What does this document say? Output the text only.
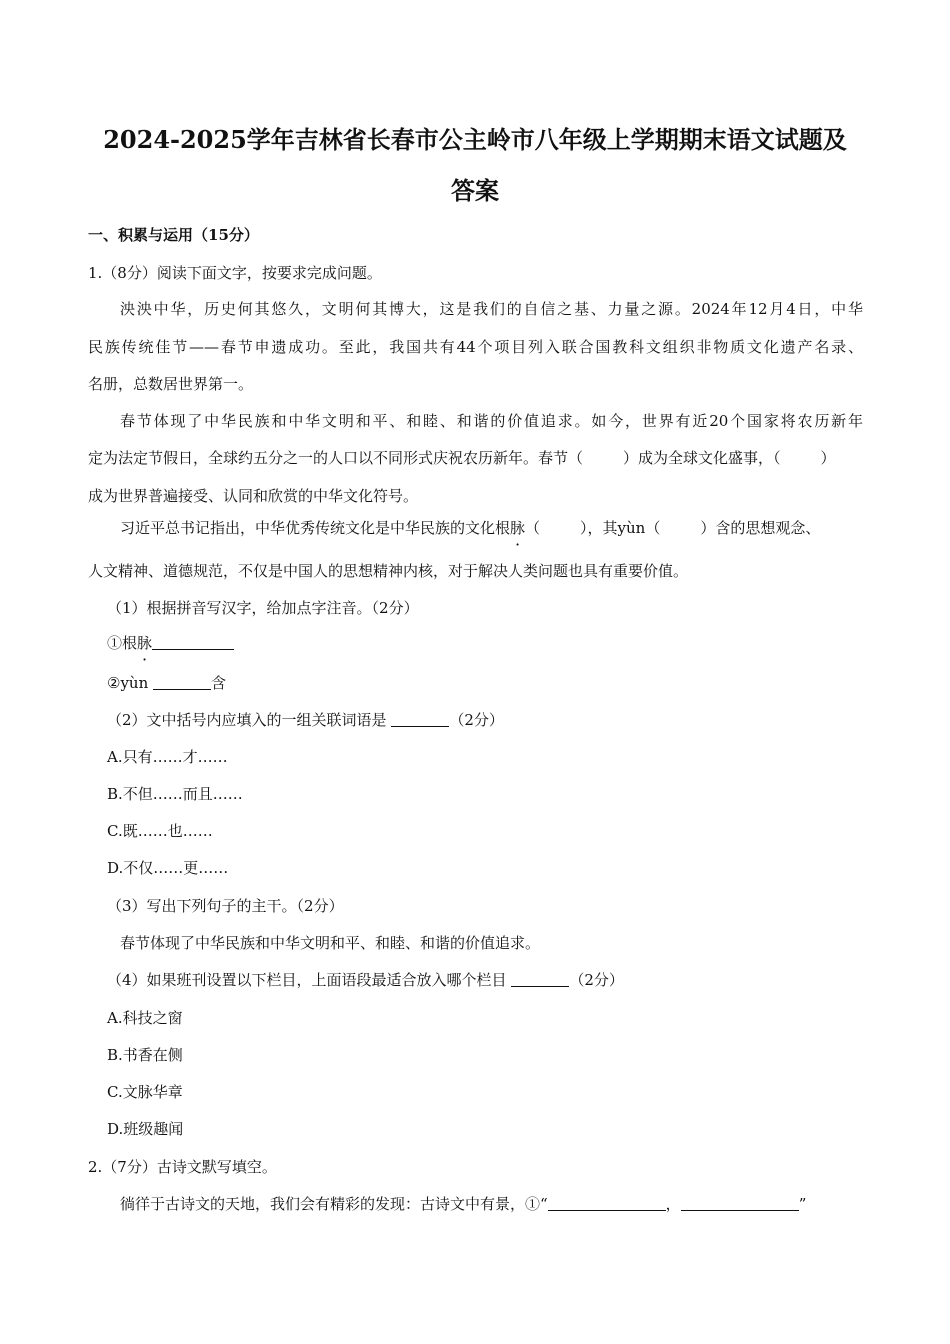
2024-2025学年吉林省长春市公主岭市八年级上学期期末语文试题及
答案
一、积累与运用（15分）
1.（8分）阅读下面文字，按要求完成问题。
泱泱中华，历史何其悠久，文明何其博大，这是我们的自信之基、力量之源。2024年12月4日，中华
民族传统佳节——春节申遗成功。至此，我国共有44个项目列入联合国教科文组织非物质文化遗产名录、
名册，总数居世界第一。
春节体现了中华民族和中华文明和平、和睦、和谐的价值追求。如今，世界有近20个国家将农历新年
定为法定节假日，全球约五分之一的人口以不同形式庆祝农历新年。春节（	）成为全球文化盛事，（	）
成为世界普遍接受、认同和欣赏的中华文化符号。
习近平总书记指出，中华优秀传统文化是中华民族的文化根脉（	），其yùn（	）含的思想观念、
人文精神、道德规范，不仅是中国人的思想精神内核，对于解决人类问题也具有重要价值。
（1）根据拼音写汉字，给加点字注音。（2分）
①根脉
②yùn	含
（2）文中括号内应填入的一组关联词语是	（2分）
A.只有……才……
B.不但……而且……
C.既……也……
D.不仅……更……
（3）写出下列句子的主干。（2分）
春节体现了中华民族和中华文明和平、和睦、和谐的价值追求。
（4）如果班刊设置以下栏目，上面语段最适合放入哪个栏目	（2分）
A.科技之窗
B.书香在侧
C.文脉华章
D.班级趣闻
2.（7分）古诗文默写填空。
徜徉于古诗文的天地，我们会有精彩的发现：古诗文中有景，①“	，	”
